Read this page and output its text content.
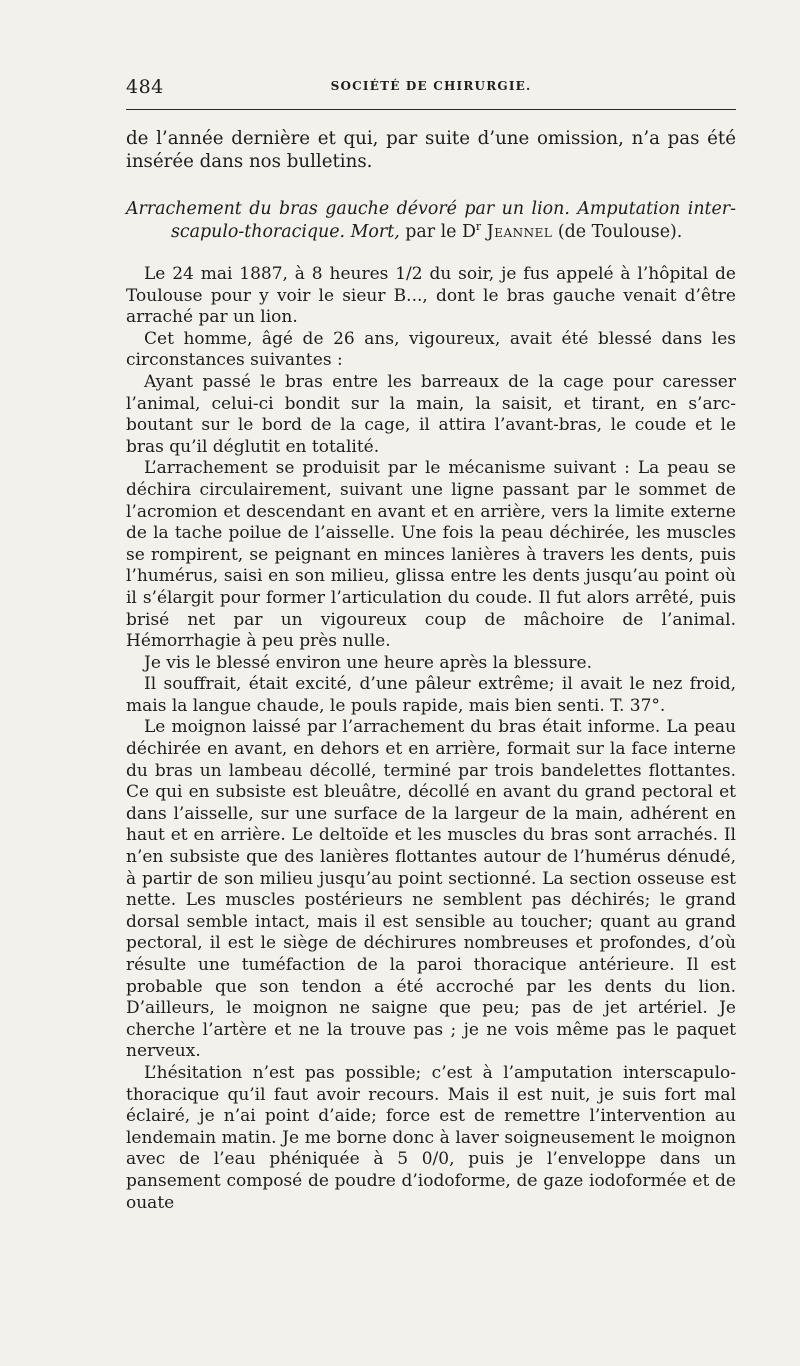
484	SOCIÉTÉ DE CHIRURGIE.

de l’année dernière et qui, par suite d’une omission, n’a pas été insérée dans nos bulletins.

Arrachement du bras gauche dévoré par un lion. Amputation inter-scapulo-thoracique. Mort, par le $D^r$ Jeannel (de Toulouse).

Le 24 mai 1887, à 8 heures 1/2 du soir, je fus appelé à l’hôpital de Toulouse pour y voir le sieur B..., dont le bras gauche venait d’être arraché par un lion.

Cet homme, âgé de 26 ans, vigoureux, avait été blessé dans les circonstances suivantes :

Ayant passé le bras entre les barreaux de la cage pour caresser l’animal, celui-ci bondit sur la main, la saisit, et tirant, en s’arc-boutant sur le bord de la cage, il attira l’avant-bras, le coude et le bras qu’il déglutit en totalité.

L’arrachement se produisit par le mécanisme suivant : La peau se déchira circulairement, suivant une ligne passant par le sommet de l’acromion et descendant en avant et en arrière, vers la limite externe de la tache poilue de l’aisselle. Une fois la peau déchirée, les muscles se rompirent, se peignant en minces lanières à travers les dents, puis l’humérus, saisi en son milieu, glissa entre les dents jusqu’au point où il s’élargit pour former l’articulation du coude. Il fut alors arrêté, puis brisé net par un vigoureux coup de mâchoire de l’animal. Hémorrhagie à peu près nulle.

Je vis le blessé environ une heure après la blessure.

Il souffrait, était excité, d’une pâleur extrême; il avait le nez froid, mais la langue chaude, le pouls rapide, mais bien senti. T. 37°.

Le moignon laissé par l’arrachement du bras était informe. La peau déchirée en avant, en dehors et en arrière, formait sur la face interne du bras un lambeau décollé, terminé par trois bandelettes flottantes. Ce qui en subsiste est bleuâtre, décollé en avant du grand pectoral et dans l’aisselle, sur une surface de la largeur de la main, adhérent en haut et en arrière. Le deltoïde et les muscles du bras sont arrachés. Il n’en subsiste que des lanières flottantes autour de l’humérus dénudé, à partir de son milieu jusqu’au point sectionné. La section osseuse est nette. Les muscles postérieurs ne semblent pas déchirés; le grand dorsal semble intact, mais il est sensible au toucher; quant au grand pectoral, il est le siège de déchirures nombreuses et profondes, d’où résulte une tuméfaction de la paroi thoracique antérieure. Il est probable que son tendon a été accroché par les dents du lion. D’ailleurs, le moignon ne saigne que peu; pas de jet artériel. Je cherche l’artère et ne la trouve pas ; je ne vois même pas le paquet nerveux.

L’hésitation n’est pas possible; c’est à l’amputation interscapulo-thoracique qu’il faut avoir recours. Mais il est nuit, je suis fort mal éclairé, je n’ai point d’aide; force est de remettre l’intervention au lendemain matin. Je me borne donc à laver soigneusement le moignon avec de l’eau phéniquée à 5 0/0, puis je l’enveloppe dans un pansement composé de poudre d’iodoforme, de gaze iodoformée et de ouate
